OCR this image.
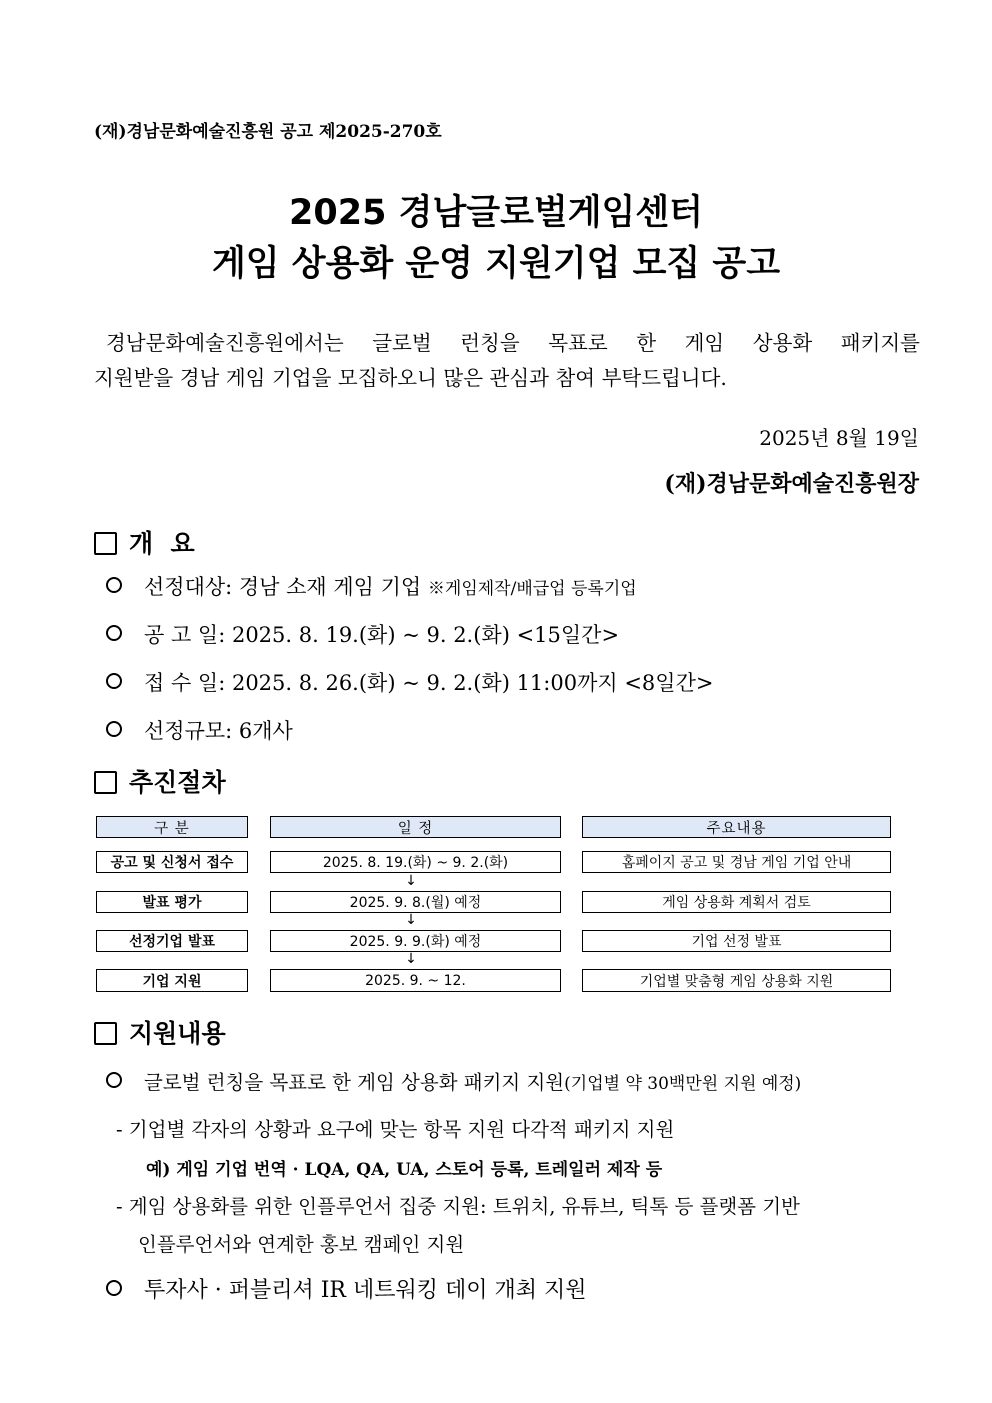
(재)경남문화예술진흥원 공고 제2025-270호
2025 경남글로벌게임센터
게임 상용화 운영 지원기업 모집 공고
경남문화예술진흥원에서는 글로벌 런칭을 목표로 한 게임 상용화 패키지를
지원받을 경남 게임 기업을 모집하오니 많은 관심과 참여 부탁드립니다.
2025년 8월 19일
(재)경남문화예술진흥원장
개  요
선정대상: 경남 소재 게임 기업 ※게임제작/배급업 등록기업
공 고 일: 2025. 8. 19.(화) ~ 9. 2.(화) <15일간>
접 수 일: 2025. 8. 26.(화) ~ 9. 2.(화) 11:00까지 <8일간>
선정규모: 6개사
추진절차
구 분	일 정	주요내용
공고 및 신청서 접수	2025. 8. 19.(화) ~ 9. 2.(화)	홈페이지 공고 및 경남 게임 기업 안내
↓
발표 평가	2025. 9. 8.(월) 예정	게임 상용화 계획서 검토
↓
선정기업 발표	2025. 9. 9.(화) 예정	기업 선정 발표
↓
기업 지원	2025. 9. ~ 12.	기업별 맞춤형 게임 상용화 지원
지원내용
글로벌 런칭을 목표로 한 게임 상용화 패키지 지원(기업별 약 30백만원 지원 예정)
- 기업별 각자의 상황과 요구에 맞는 항목 지원 다각적 패키지 지원
예) 게임 기업 번역 · LQA, QA, UA, 스토어 등록, 트레일러 제작 등
- 게임 상용화를 위한 인플루언서 집중 지원: 트위치, 유튜브, 틱톡 등 플랫폼 기반
인플루언서와 연계한 홍보 캠페인 지원
투자사 · 퍼블리셔 IR 네트워킹 데이 개최 지원
